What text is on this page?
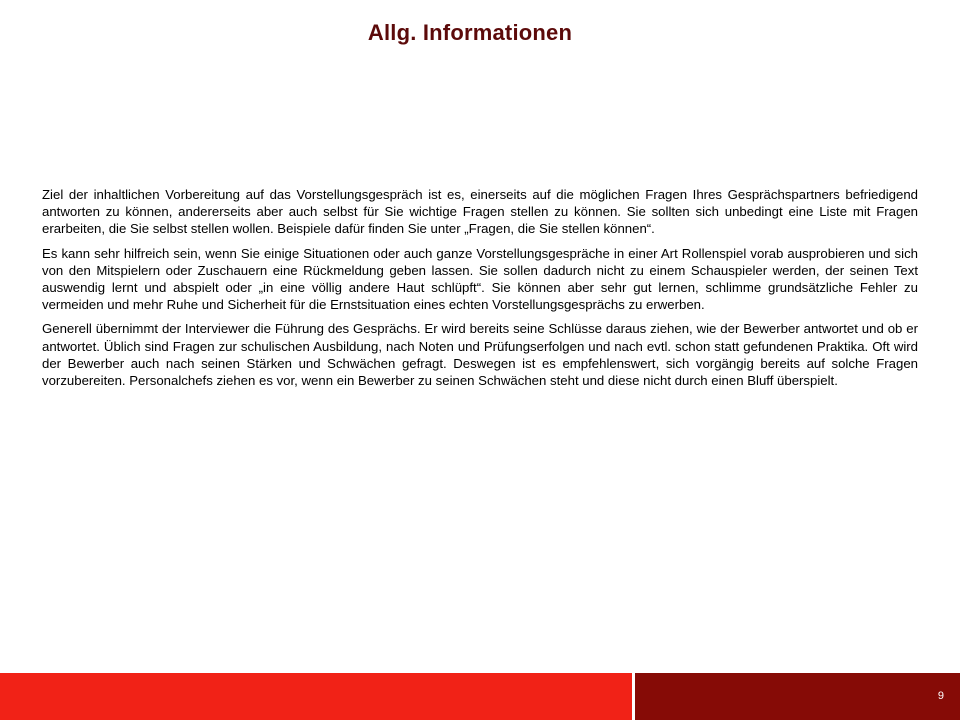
Allg. Informationen

Ziel der inhaltlichen Vorbereitung auf das Vorstellungsgespräch ist es, einerseits auf die möglichen Fragen Ihres Gesprächspartners befriedigend antworten zu können, andererseits aber auch selbst für Sie wichtige Fragen stellen zu können. Sie sollten sich unbedingt eine Liste mit Fragen erarbeiten, die Sie selbst stellen wollen. Beispiele dafür finden Sie unter „Fragen, die Sie stellen können“.

Es kann sehr hilfreich sein, wenn Sie einige Situationen oder auch ganze Vorstellungsgespräche in einer Art Rollenspiel vorab ausprobieren und sich von den Mitspielern oder Zuschauern eine Rückmeldung geben lassen. Sie sollen dadurch nicht zu einem Schauspieler werden, der seinen Text auswendig lernt und abspielt oder „in eine völlig andere Haut schlüpft“. Sie können aber sehr gut lernen, schlimme grundsätzliche Fehler zu vermeiden und mehr Ruhe und Sicherheit für die Ernstsituation eines echten Vorstellungsgesprächs zu erwerben.

Generell übernimmt der Interviewer die Führung des Gesprächs. Er wird bereits seine Schlüsse daraus ziehen, wie der Bewerber antwortet und ob er antwortet. Üblich sind Fragen zur schulischen Ausbildung, nach Noten und Prüfungserfolgen und nach evtl. schon statt gefundenen Praktika. Oft wird der Bewerber auch nach seinen Stärken und Schwächen gefragt. Deswegen ist es empfehlenswert, sich vorgängig bereits auf solche Fragen vorzubereiten. Personalchefs ziehen es vor, wenn ein Bewerber zu seinen Schwächen steht und diese nicht durch einen Bluff überspielt.

9
